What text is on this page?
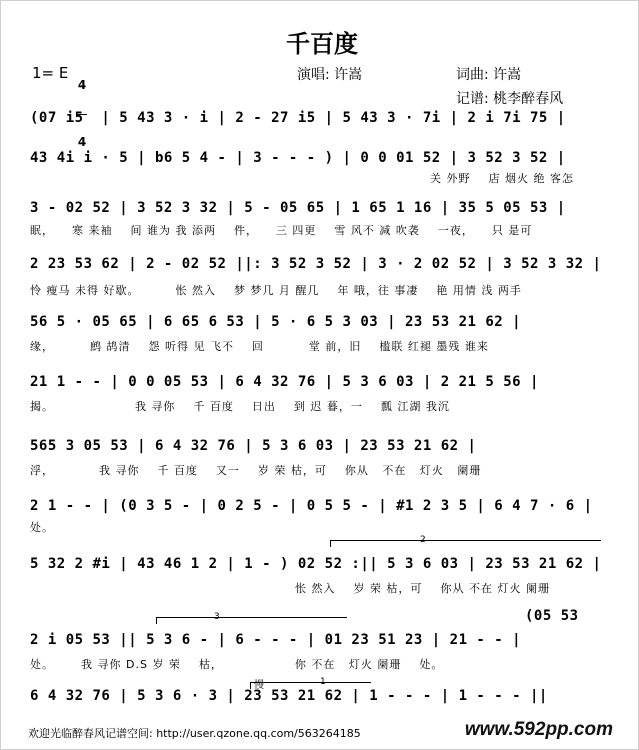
千百度
1= E

4

4

演唱: 许嵩	词曲: 许嵩
记谱: 桃李醉春风
(07 i5  | 5 43 3 · i | 2 - 27 i5 | 5 43 3 · 7i | 2 i 7i 75 |
43 4i i · 5 | b6 5 4 - | 3 - - - ) | 0 0 01 52 | 3 52 3 52 |
关 外野    店 烟火 绝 客怎
3 - 02 52 | 3 52 3 32 | 5 - 05 65 | 1 65 1 16 | 35 5 05 53 |
眠，    寒 来袖    间 谁为 我 添两    件，    三 四更    雪 风不 减 吹袭    一夜，    只 是可
2 23 53 62 | 2 - 02 52 ||: 3 52 3 52 | 3 · 2 02 52 | 3 52 3 32 |
怜 瘦马 未得 好歇。        怅 然入    梦 梦几 月 醒几    年 哦，往 事凄    艳 用情 浅 两手
56 5 · 05 65 | 6 65 6 53 | 5 · 6 5 3 03 | 23 53 21 62 |
缘，        鹧 鸪清    怨 听得 见 飞不    回          堂 前，旧    槛联 红褪 墨残 谁来
21 1 - - | 0 0 05 53 | 6 4 32 76 | 5 3 6 03 | 2 21 5 56 |
揭。                  我 寻你    千 百度    日出    到 迟 暮，一    瓢 江湖 我沉
565 3 05 53 | 6 4 32 76 | 5 3 6 03 | 23 53 21 62 |
浮，          我 寻你    千 百度    又一    岁 荣 枯，可    你从   不在   灯火   阑珊
2 1 - - | (0 3 5 - | 0 2 5 - | 0 5 5 - | #1 2 3 5 | 6 4 7 · 6 |
处。
2
5 32 2 #i | 43 46 1 2 | 1 - ) 02 52 :|| 5 3 6 03 | 23 53 21 62 |
怅 然入    岁 荣 枯，可    你从 不在 灯火 阑珊
(05 53
3
2 i 05 53 || 5 3 6 - | 6 - - - | 01 23 51 23 | 21 - - |
处。      我 寻你 D.S 岁 荣    枯，                你 不在   灯火 阑珊    处。
1
慢
6 4 32 76 | 5 3 6 · 3 | 23 53 21 62 | 1 - - - | 1 - - - ||
欢迎光临醉春风记谱空间: http://user.qzone.qq.com/563264185	www.592pp.com
